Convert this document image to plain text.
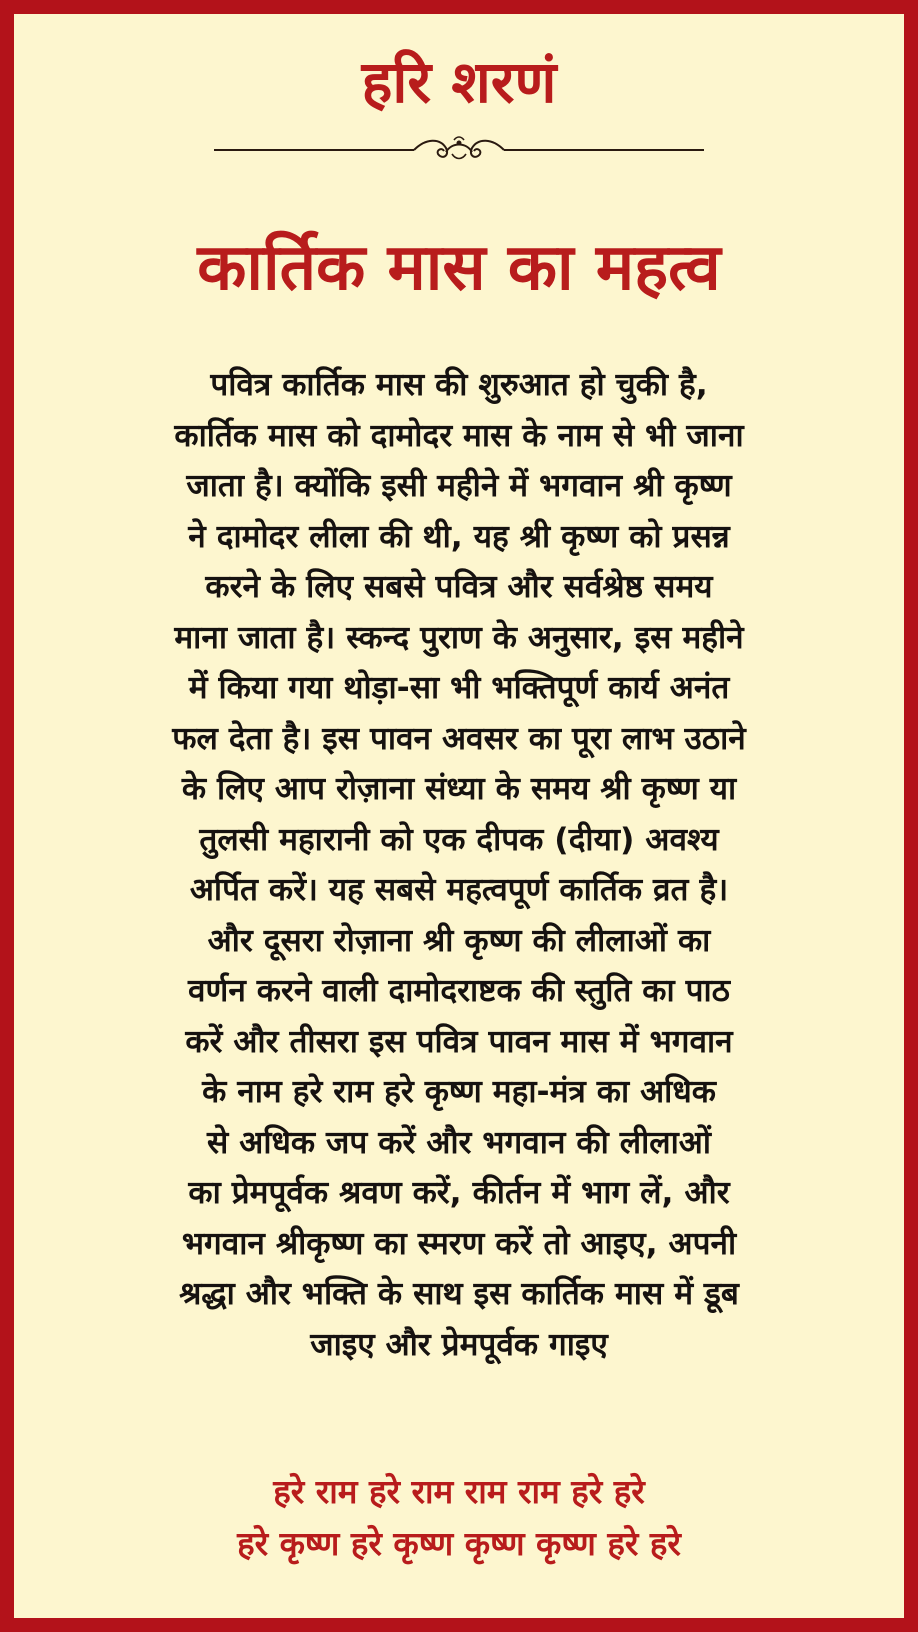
हरि शरणं
कार्तिक मास का महत्व
पवित्र कार्तिक मास की शुरुआत हो चुकी है,
कार्तिक मास को दामोदर मास के नाम से भी जाना
जाता है। क्योंकि इसी महीने में भगवान श्री कृष्ण
ने दामोदर लीला की थी, यह श्री कृष्ण को प्रसन्न
करने के लिए सबसे पवित्र और सर्वश्रेष्ठ समय
माना जाता है। स्कन्द पुराण के अनुसार, इस महीने
में किया गया थोड़ा-सा भी भक्तिपूर्ण कार्य अनंत
फल देता है। इस पावन अवसर का पूरा लाभ उठाने
के लिए आप रोज़ाना संध्या के समय श्री कृष्ण या
तुलसी महारानी को एक दीपक (दीया) अवश्य
अर्पित करें। यह सबसे महत्वपूर्ण कार्तिक व्रत है।
और दूसरा रोज़ाना श्री कृष्ण की लीलाओं का
वर्णन करने वाली दामोदराष्टक की स्तुति का पाठ
करें और तीसरा इस पवित्र पावन मास में भगवान
के नाम हरे राम हरे कृष्ण महा-मंत्र का अधिक
से अधिक जप करें और भगवान की लीलाओं
का प्रेमपूर्वक श्रवण करें, कीर्तन में भाग लें, और
भगवान श्रीकृष्ण का स्मरण करें तो आइए, अपनी
श्रद्धा और भक्ति के साथ इस कार्तिक मास में डूब
जाइए और प्रेमपूर्वक गाइए
हरे राम हरे राम राम राम हरे हरे
हरे कृष्ण हरे कृष्ण कृष्ण कृष्ण हरे हरे
